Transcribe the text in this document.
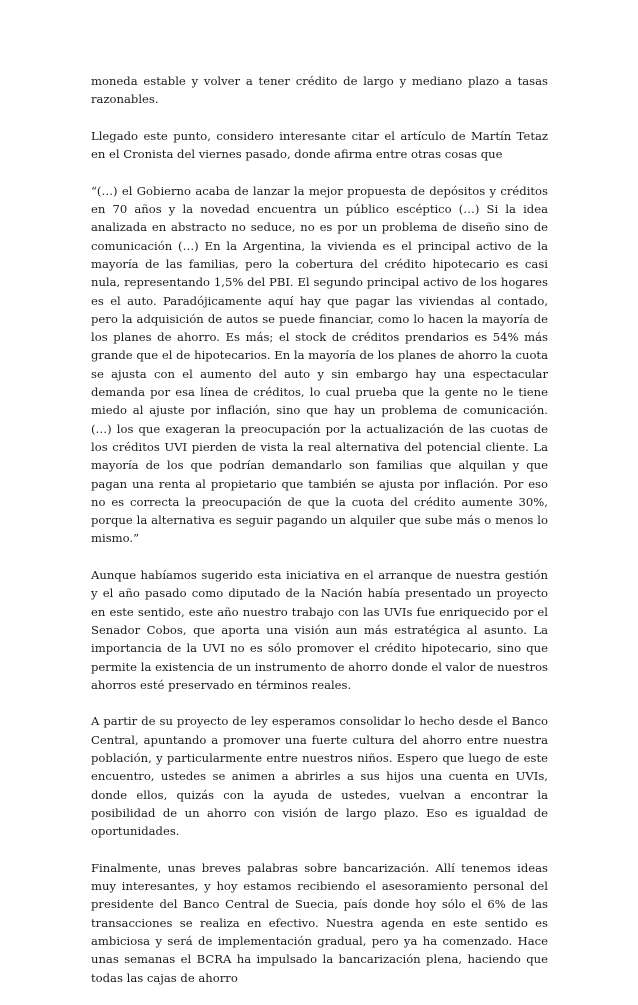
moneda estable y volver a tener crédito de largo y mediano plazo a tasas razonables.

Llegado este punto, considero interesante citar el artículo de Martín Tetaz en el Cronista del viernes pasado, donde afirma entre otras cosas que

“(…) el Gobierno acaba de lanzar la mejor propuesta de depósitos y créditos en 70 años y la novedad encuentra un público escéptico (…) Si la idea analizada en abstracto no seduce, no es por un problema de diseño sino de comunicación (…) En la Argentina, la vivienda es el principal activo de la mayoría de las familias, pero la cobertura del crédito hipotecario es casi nula, representando 1,5% del PBI. El segundo principal activo de los hogares es el auto. Paradójicamente aquí hay que pagar las viviendas al contado, pero la adquisición de autos se puede financiar, como lo hacen la mayoría de los planes de ahorro. Es más; el stock de créditos prendarios es 54% más grande que el de hipotecarios. En la mayoría de los planes de ahorro la cuota se ajusta con el aumento del auto y sin embargo hay una espectacular demanda por esa línea de créditos, lo cual prueba que la gente no le tiene miedo al ajuste por inflación, sino que hay un problema de comunicación. (…) los que exageran la preocupación por la actualización de las cuotas de los créditos UVI pierden de vista la real alternativa del potencial cliente. La mayoría de los que podrían demandarlo son familias que alquilan y que pagan una renta al propietario que también se ajusta por inflación. Por eso no es correcta la preocupación de que la cuota del crédito aumente 30%, porque la alternativa es seguir pagando un alquiler que sube más o menos lo mismo.”

Aunque habíamos sugerido esta iniciativa en el arranque de nuestra gestión y el año pasado como diputado de la Nación había presentado un proyecto en este sentido, este año nuestro trabajo con las UVIs fue enriquecido por el Senador Cobos, que aporta una visión aun más estratégica al asunto. La importancia de la UVI no es sólo promover el crédito hipotecario, sino que permite la existencia de un instrumento de ahorro donde el valor de nuestros ahorros esté preservado en términos reales.

A partir de su proyecto de ley esperamos consolidar lo hecho desde el Banco Central, apuntando a promover una fuerte cultura del ahorro entre nuestra población, y particularmente entre nuestros niños. Espero que luego de este encuentro, ustedes se animen a abrirles a sus hijos una cuenta en UVIs, donde ellos, quizás con la ayuda de ustedes, vuelvan a encontrar la posibilidad de un ahorro con visión de largo plazo. Eso es igualdad de oportunidades.

Finalmente, unas breves palabras sobre bancarización. Allí tenemos ideas muy interesantes, y hoy estamos recibiendo el asesoramiento personal del presidente del Banco Central de Suecia, país donde hoy sólo el 6% de las transacciones se realiza en efectivo. Nuestra agenda en este sentido es ambiciosa y será de implementación gradual, pero ya ha comenzado. Hace unas semanas el BCRA ha impulsado la bancarización plena, haciendo que todas las cajas de ahorro
